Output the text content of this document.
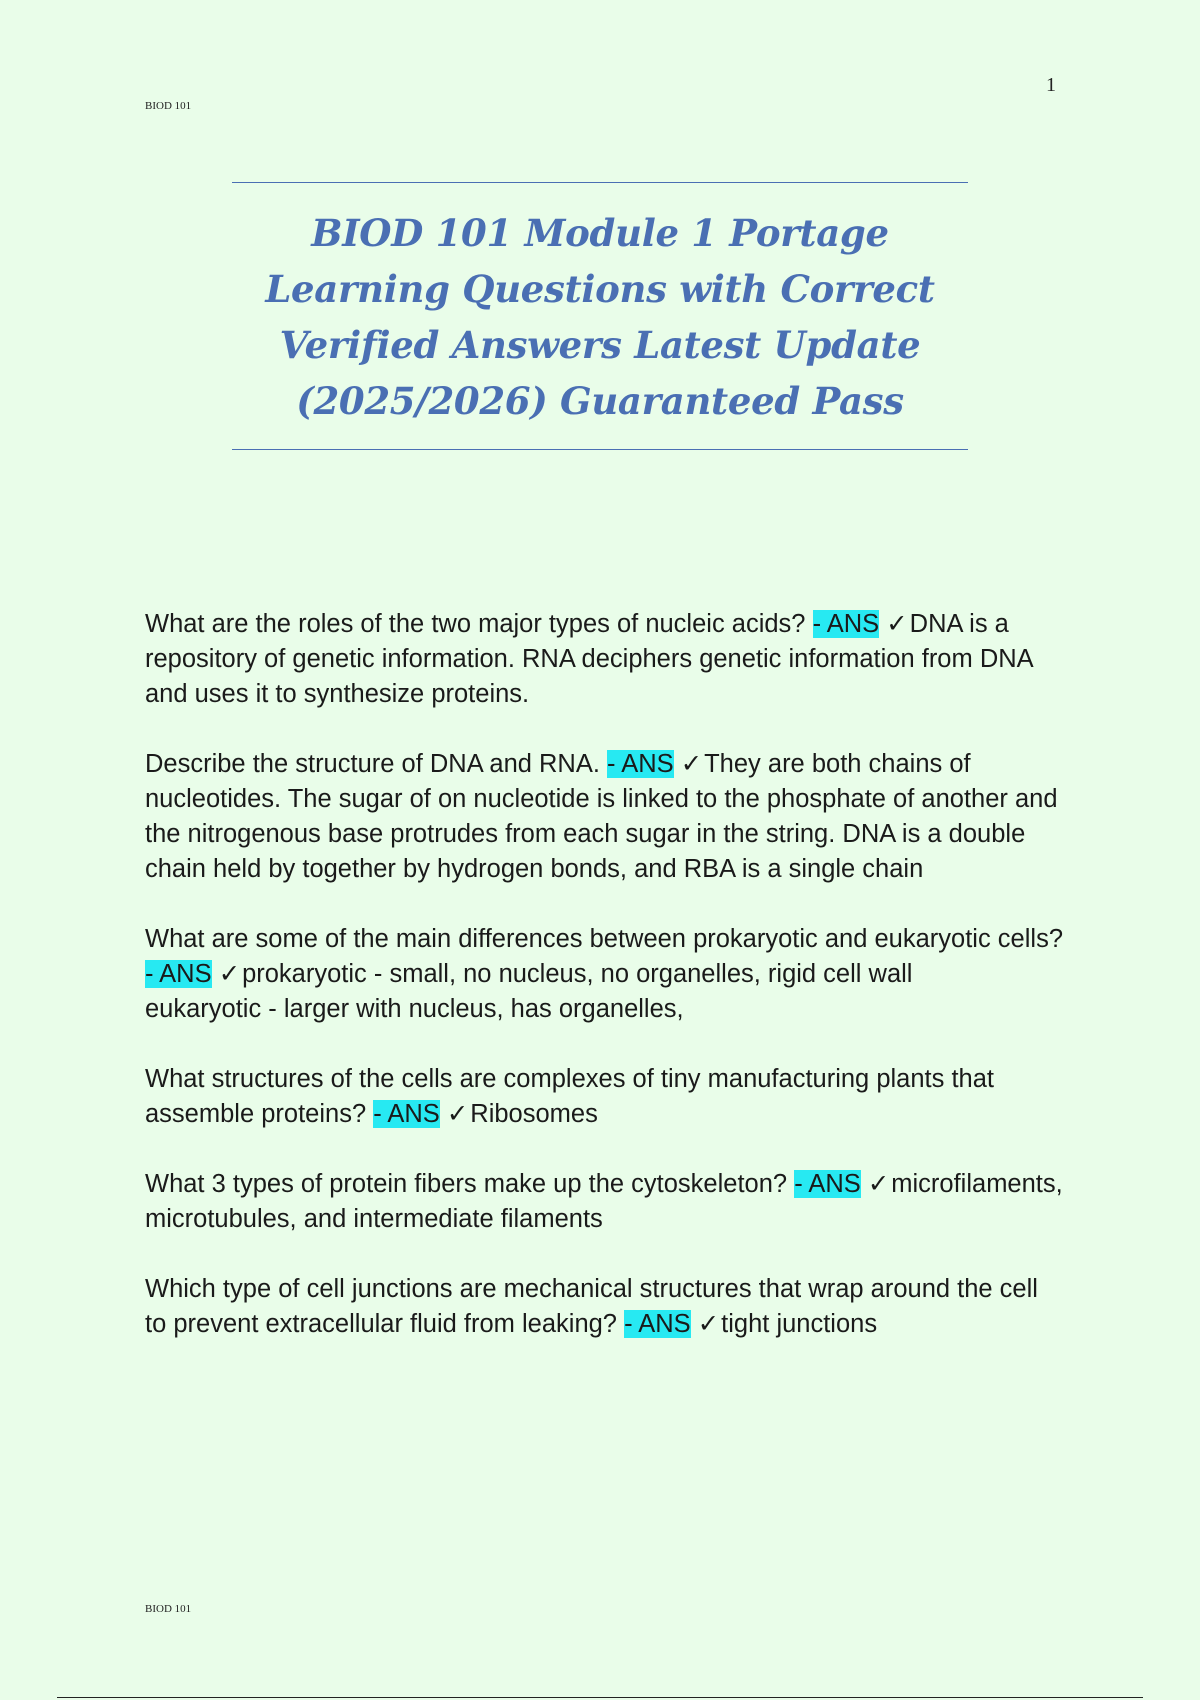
1
BIOD 101
BIOD 101 Module 1 Portage Learning Questions with Correct Verified Answers Latest Update (2025/2026) Guaranteed Pass

What are the roles of the two major types of nucleic acids? - ANS ✓DNA is a repository of genetic information. RNA deciphers genetic information from DNA and uses it to synthesize proteins.

Describe the structure of DNA and RNA. - ANS ✓They are both chains of nucleotides. The sugar of on nucleotide is linked to the phosphate of another and the nitrogenous base protrudes from each sugar in the string. DNA is a double chain held by together by hydrogen bonds, and RBA is a single chain

What are some of the main differences between prokaryotic and eukaryotic cells? - ANS ✓prokaryotic - small, no nucleus, no organelles, rigid cell wall
eukaryotic - larger with nucleus, has organelles,

What structures of the cells are complexes of tiny manufacturing plants that assemble proteins? - ANS ✓Ribosomes

What 3 types of protein fibers make up the cytoskeleton? - ANS ✓microfilaments, microtubules, and intermediate filaments

Which type of cell junctions are mechanical structures that wrap around the cell to prevent extracellular fluid from leaking? - ANS ✓tight junctions

BIOD 101
